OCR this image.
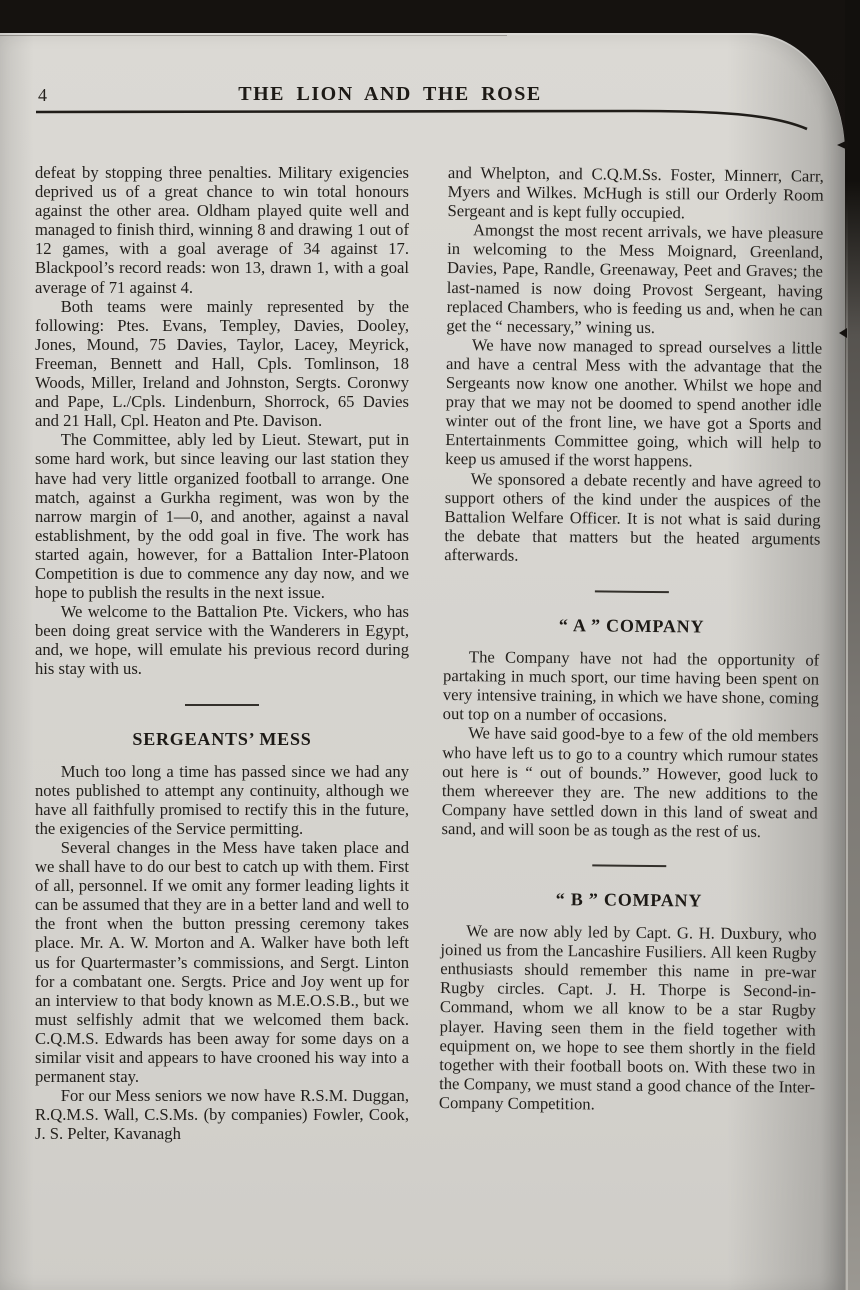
4	THE LION AND THE ROSE

defeat by stopping three penalties. Military exigencies deprived us of a great chance to win total honours against the other area. Oldham played quite well and managed to finish third, winning 8 and drawing 1 out of 12 games, with a goal average of 34 against 17. Blackpool’s record reads: won 13, drawn 1, with a goal average of 71 against 4.

Both teams were mainly represented by the following: Ptes. Evans, Templey, Davies, Dooley, Jones, Mound, 75 Davies, Taylor, Lacey, Meyrick, Freeman, Bennett and Hall, Cpls. Tomlinson, 18 Woods, Miller, Ireland and Johnston, Sergts. Coronwy and Pape, L./Cpls. Lindenburn, Shorrock, 65 Davies and 21 Hall, Cpl. Heaton and Pte. Davison.

The Committee, ably led by Lieut. Stewart, put in some hard work, but since leaving our last station they have had very little organized football to arrange. One match, against a Gurkha regiment, was won by the narrow margin of 1—0, and another, against a naval establishment, by the odd goal in five. The work has started again, however, for a Battalion Inter-Platoon Competition is due to commence any day now, and we hope to publish the results in the next issue.

We welcome to the Battalion Pte. Vickers, who has been doing great service with the Wanderers in Egypt, and, we hope, will emulate his previous record during his stay with us.

SERGEANTS’ MESS

Much too long a time has passed since we had any notes published to attempt any continuity, although we have all faithfully promised to rectify this in the future, the exigencies of the Service permitting.

Several changes in the Mess have taken place and we shall have to do our best to catch up with them. First of all, personnel. If we omit any former leading lights it can be assumed that they are in a better land and well to the front when the button pressing ceremony takes place. Mr. A. W. Morton and A. Walker have both left us for Quartermaster’s commissions, and Sergt. Linton for a combatant one. Sergts. Price and Joy went up for an interview to that body known as M.E.O.S.B., but we must selfishly admit that we welcomed them back. C.Q.M.S. Edwards has been away for some days on a similar visit and appears to have crooned his way into a permanent stay.

For our Mess seniors we now have R.S.M. Duggan, R.Q.M.S. Wall, C.S.Ms. (by companies) Fowler, Cook, J. S. Pelter, Kavanagh

and Whelpton, and C.Q.M.Ss. Foster, Minnerr, Carr, Myers and Wilkes. McHugh is still our Orderly Room Sergeant and is kept fully occupied.

Amongst the most recent arrivals, we have pleasure in welcoming to the Mess Moignard, Greenland, Davies, Pape, Randle, Greenaway, Peet and Graves; the last-named is now doing Provost Sergeant, having replaced Chambers, who is feeding us and, when he can get the “ necessary,” wining us.

We have now managed to spread ourselves a little and have a central Mess with the advantage that the Sergeants now know one another. Whilst we hope and pray that we may not be doomed to spend another idle winter out of the front line, we have got a Sports and Entertainments Committee going, which will help to keep us amused if the worst happens.

We sponsored a debate recently and have agreed to support others of the kind under the auspices of the Battalion Welfare Officer. It is not what is said during the debate that matters but the heated arguments afterwards.

“ A ” COMPANY

The Company have not had the opportunity of partaking in much sport, our time having been spent on very intensive training, in which we have shone, coming out top on a number of occasions.

We have said good-bye to a few of the old members who have left us to go to a country which rumour states out here is “ out of bounds.” However, good luck to them whereever they are. The new additions to the Company have settled down in this land of sweat and sand, and will soon be as tough as the rest of us.

“ B ” COMPANY

We are now ably led by Capt. G. H. Duxbury, who joined us from the Lancashire Fusiliers. All keen Rugby enthusiasts should remember this name in pre-war Rugby circles. Capt. J. H. Thorpe is Second-in-Command, whom we all know to be a star Rugby player. Having seen them in the field together with equipment on, we hope to see them shortly in the field together with their football boots on. With these two in the Company, we must stand a good chance of the Inter-Company Competition.
